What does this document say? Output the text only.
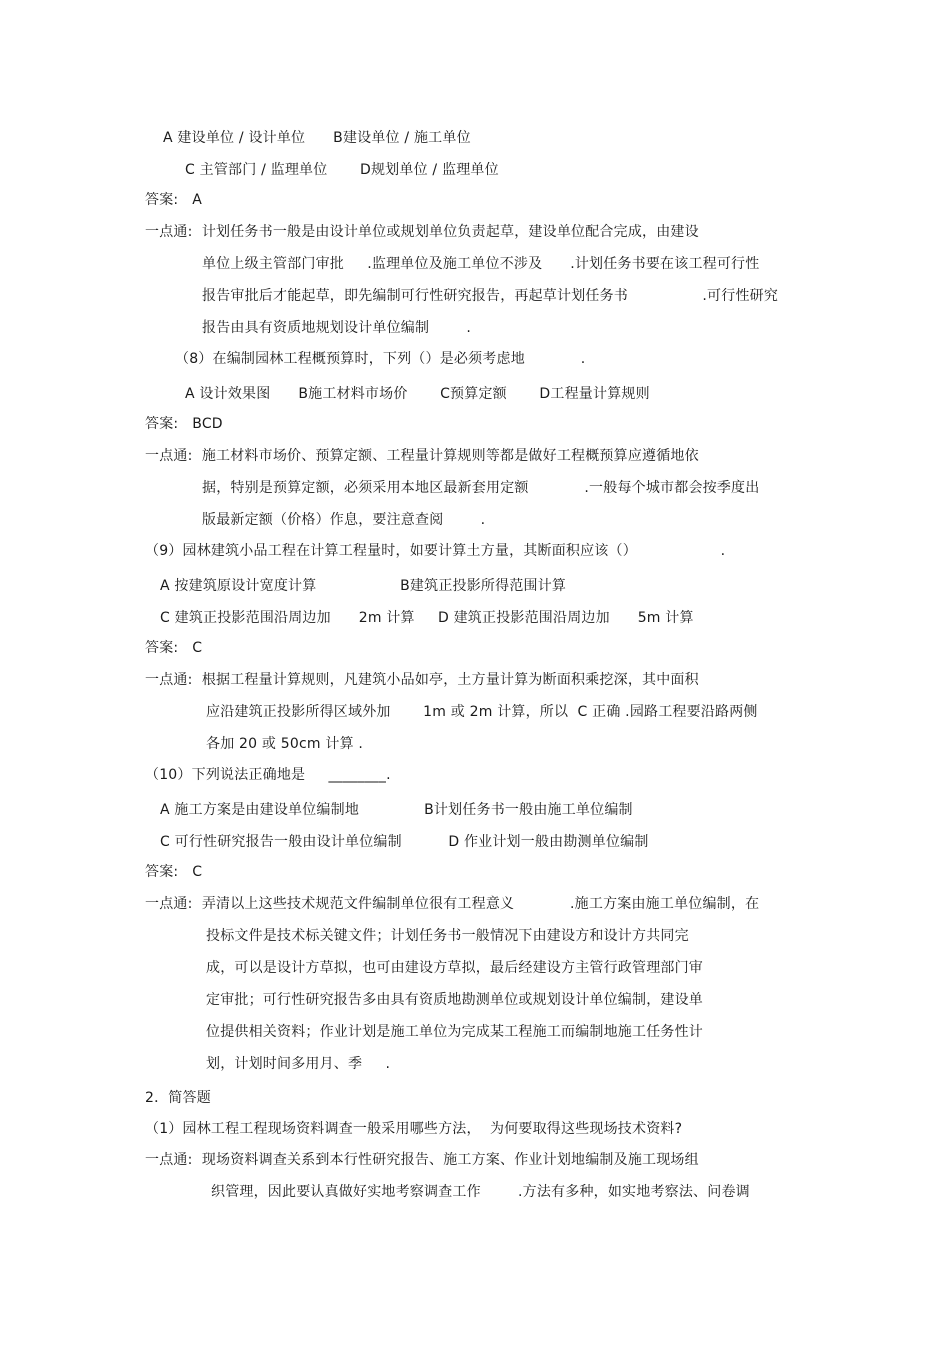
A 建设单位 / 设计单位      B建设单位 / 施工单位
C 主管部门 / 监理单位       D规划单位 / 监理单位
答案:   A
一点通:  计划任务书一般是由设计单位或规划单位负责起草，建设单位配合完成，由建设
单位上级主管部门审批     .监理单位及施工单位不涉及      .计划任务书要在该工程可行性
报告审批后才能起草，即先编制可行性研究报告，再起草计划任务书                .可行性研究
报告由具有资质地规划设计单位编制        .
（8）在编制园林工程概预算时，下列（）是必须考虑地            .
A 设计效果图      B施工材料市场价       C预算定额       D工程量计算规则
答案:   BCD
一点通:  施工材料市场价、预算定额、工程量计算规则等都是做好工程概预算应遵循地依
据，特别是预算定额，必须采用本地区最新套用定额            .一般每个城市都会按季度出
版最新定额（价格）作息，要注意查阅        .
（9）园林建筑小品工程在计算工程量时，如要计算土方量，其断面积应该（）                  .
A 按建筑原设计宽度计算                  B建筑正投影所得范围计算
C 建筑正投影范围沿周边加      2m 计算     D 建筑正投影范围沿周边加      5m 计算
答案:   C
一点通:  根据工程量计算规则，凡建筑小品如亭，土方量计算为断面积乘挖深，其中面积
应沿建筑正投影所得区域外加       1m 或 2m 计算，所以  C 正确 .园路工程要沿路两侧
各加 20 或 50cm 计算 .
（10）下列说法正确地是     ________.
A 施工方案是由建设单位编制地              B计划任务书一般由施工单位编制
C 可行性研究报告一般由设计单位编制          D 作业计划一般由勘测单位编制
答案:   C
一点通:  弄清以上这些技术规范文件编制单位很有工程意义            .施工方案由施工单位编制，在
投标文件是技术标关键文件；计划任务书一般情况下由建设方和设计方共同完
成，可以是设计方草拟，也可由建设方草拟，最后经建设方主管行政管理部门审
定审批；可行性研究报告多由具有资质地勘测单位或规划设计单位编制，建设单
位提供相关资料；作业计划是施工单位为完成某工程施工而编制地施工任务性计
划，计划时间多用月、季     .
2．简答题
（1）园林工程工程现场资料调查一般采用哪些方法，  为何要取得这些现场技术资料?
一点通:  现场资料调查关系到本行性研究报告、施工方案、作业计划地编制及施工现场组
织管理，因此要认真做好实地考察调查工作        .方法有多种，如实地考察法、问卷调
